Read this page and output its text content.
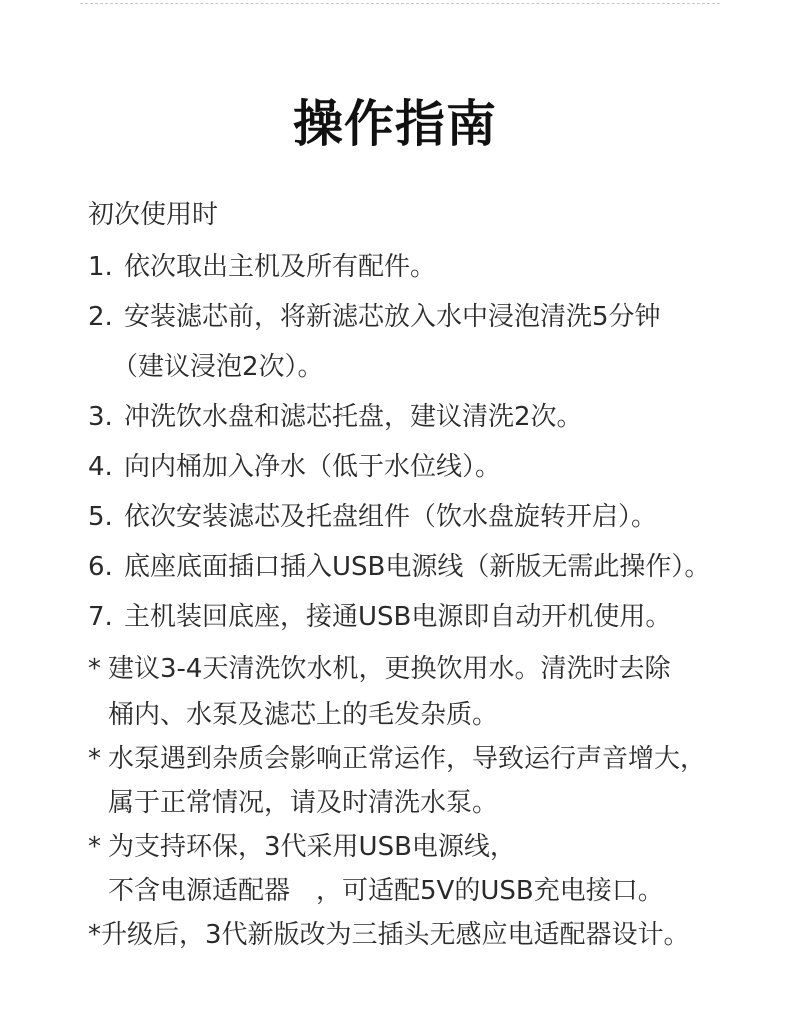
操作指南
初次使用时
1. 依次取出主机及所有配件。
2. 安装滤芯前，将新滤芯放入水中浸泡清洗5分钟
（建议浸泡2次）。
3. 冲洗饮水盘和滤芯托盘，建议清洗2次。
4. 向内桶加入净水（低于水位线）。
5. 依次安装滤芯及托盘组件（饮水盘旋转开启）。
6. 底座底面插口插入USB电源线（新版无需此操作）。
7. 主机装回底座，接通USB电源即自动开机使用。
* 建议3-4天清洗饮水机，更换饮用水。清洗时去除
桶内、水泵及滤芯上的毛发杂质。
* 水泵遇到杂质会影响正常运作，导致运行声音增大，
属于正常情况，请及时清洗水泵。
* 为支持环保，3代采用USB电源线，
不含电源适配器　，可适配5V的USB充电接口。
*升级后，3代新版改为三插头无感应电适配器设计。
